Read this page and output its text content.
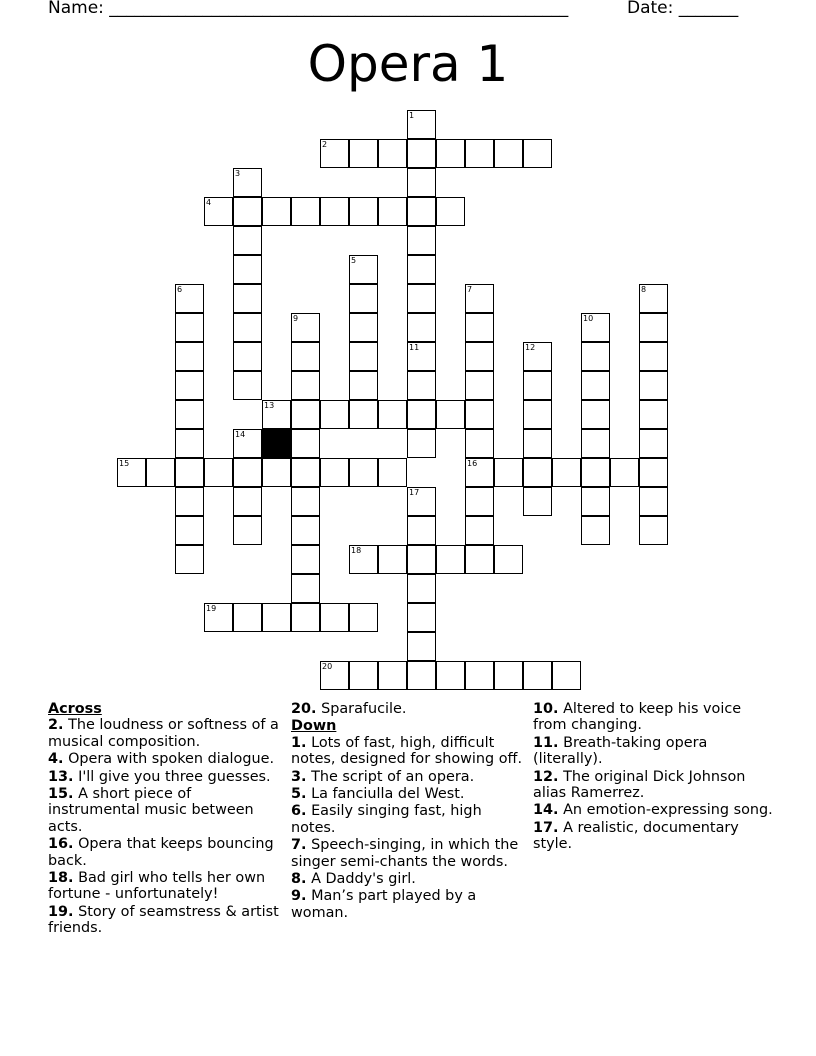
Name: ______________________________________________________	Date: _______
Opera 1
1
2
3
4
5
6	7	8
9	10
11	12
13
14
15	16
17
18
19
20
Across
2. The loudness or softness of a musical composition.
4. Opera with spoken dialogue.
13. I'll give you three guesses.
15. A short piece of instrumental music between acts.
16. Opera that keeps bouncing back.
18. Bad girl who tells her own fortune - unfortunately!
19. Story of seamstress & artist friends.
20. Sparafucile.
Down
1. Lots of fast, high, difficult notes, designed for showing off.
3. The script of an opera.
5. La fanciulla del West.
6. Easily singing fast, high notes.
7. Speech-singing, in which the singer semi-chants the words.
8. A Daddy's girl.
9. Man’s part played by a woman.
10. Altered to keep his voice from changing.
11. Breath-taking opera (literally).
12. The original Dick Johnson alias Ramerrez.
14. An emotion-expressing song.
17. A realistic, documentary style.
